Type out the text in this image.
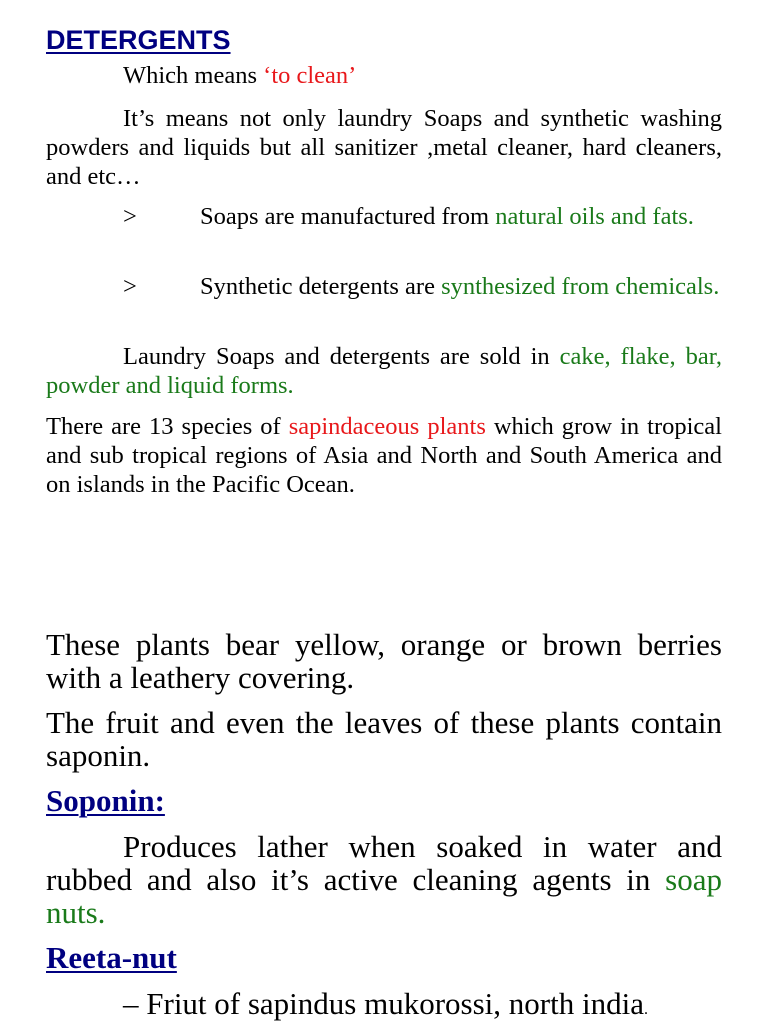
DETERGENTS

Which means ‘to clean’

It’s means not only laundry Soaps and synthetic washing powders and liquids but all sanitizer ,metal cleaner, hard cleaners, and etc…

>	Soaps are manufactured from natural oils and fats.

>	Synthetic detergents are synthesized from chemicals.

Laundry Soaps and detergents are sold in cake, flake, bar, powder and liquid forms.

There are 13 species of sapindaceous plants which grow in tropical and sub tropical regions of Asia and North and South America and on islands in the Pacific Ocean.

These plants bear yellow, orange or brown berries with a leathery covering.

The fruit and even the leaves of these plants contain saponin.

Soponin:

Produces lather when soaked in water and rubbed and also it’s active cleaning agents in soap nuts.

Reeta-nut

– Friut of sapindus mukorossi, north india.
